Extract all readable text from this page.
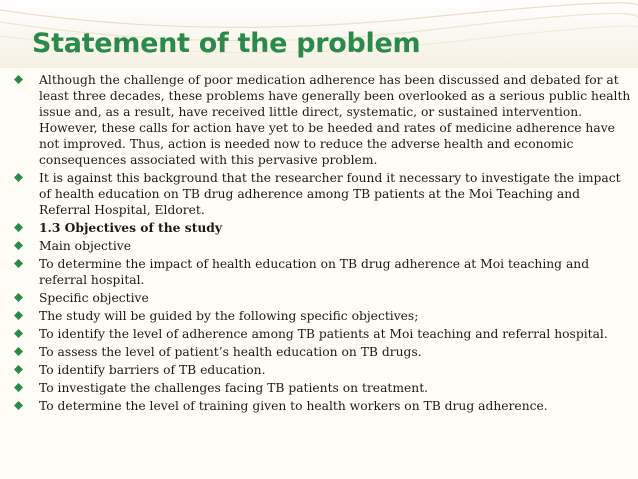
Statement of the problem
Although the challenge of poor medication adherence has been discussed and debated for at least three decades, these problems have generally been overlooked as a serious public health issue and, as a result, have received little direct, systematic, or sustained intervention. However, these calls for action have yet to be heeded and rates of medicine adherence have not improved. Thus, action is needed now to reduce the adverse health and economic consequences associated with this pervasive problem.
It is against this background that the researcher found it necessary to investigate the impact of health education on TB drug adherence among TB patients at the Moi Teaching and Referral Hospital, Eldoret.
1.3 Objectives of the study
Main objective
To determine the impact of health education on TB drug adherence at Moi teaching and referral hospital.
Specific objective
The study will be guided by the following specific objectives;
To identify the level of adherence among TB patients at Moi teaching and referral hospital.
To assess the level of patient’s health education on TB drugs.
To identify barriers of TB education.
To investigate the challenges facing TB patients on treatment.
To determine the level of training given to health workers on TB drug adherence.
